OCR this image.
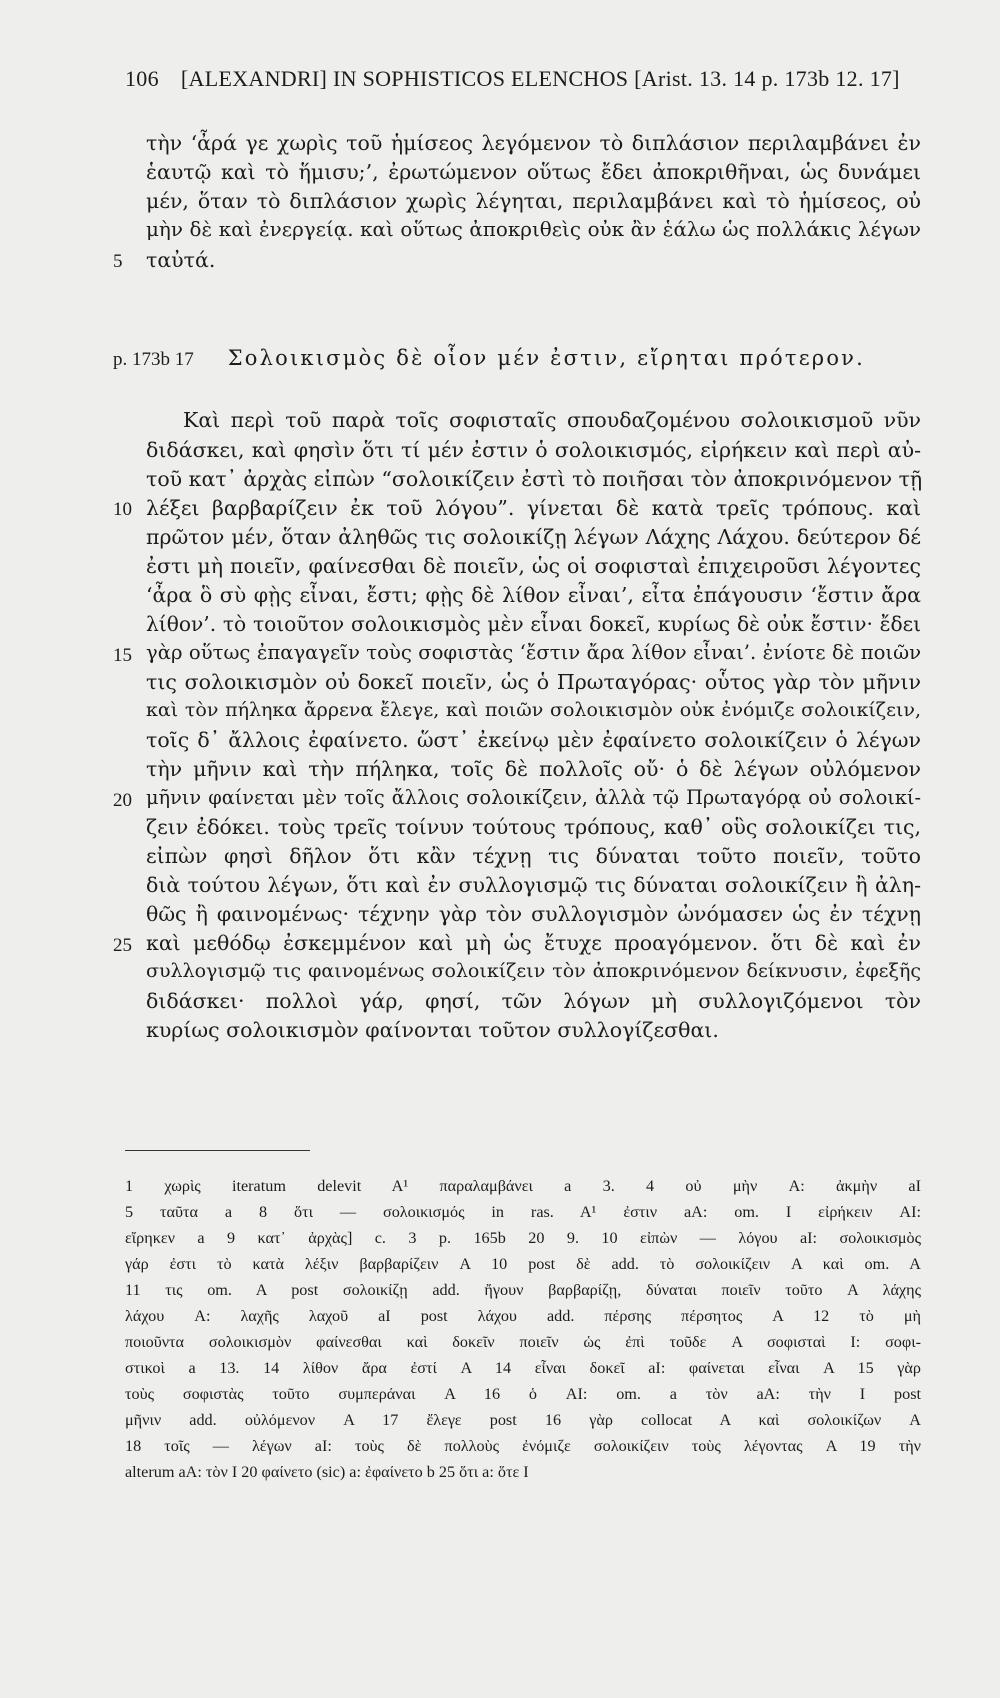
106 [ALEXANDRI] IN SOPHISTICOS ELENCHOS [Arist. 13. 14 p. 173b 12. 17]
τὴν ‘ἆρά γε χωρὶς τοῦ ἡμίσεος λεγόμενον τὸ διπλάσιον περιλαμβάνει ἐν
ἑαυτῷ καὶ τὸ ἥμισυ;’, ἐρωτώμενον οὕτως ἔδει ἀποκριθῆναι, ὡς δυνάμει
μέν, ὅταν τὸ διπλάσιον χωρὶς λέγηται, περιλαμβάνει καὶ τὸ ἡμίσεος, οὐ
μὴν δὲ καὶ ἐνεργείᾳ. καὶ οὕτως ἀποκριθεὶς οὐκ ἂν ἑάλω ὡς πολλάκις λέγων
ταὐτά.
5
p. 173b 17 Σολοικισμὸς δὲ οἷον μέν ἐστιν, εἴρηται πρότερον.
Καὶ περὶ τοῦ παρὰ τοῖς σοφισταῖς σπουδαζομένου σολοικισμοῦ νῦν
διδάσκει, καὶ φησὶν ὅτι τί μέν ἐστιν ὁ σολοικισμός, εἰρήκειν καὶ περὶ αὐ-
τοῦ κατ᾽ ἀρχὰς εἰπὼν “σολοικίζειν ἐστὶ τὸ ποιῆσαι τὸν ἀποκρινόμενον τῇ
λέξει βαρβαρίζειν ἐκ τοῦ λόγου”. γίνεται δὲ κατὰ τρεῖς τρόπους. καὶ
10
πρῶτον μέν, ὅταν ἀληθῶς τις σολοικίζῃ λέγων Λάχης Λάχου. δεύτερον δέ
ἐστι μὴ ποιεῖν, φαίνεσθαι δὲ ποιεῖν, ὡς οἱ σοφισταὶ ἐπιχειροῦσι λέγοντες
‘ἆρα ὃ σὺ φῂς εἶναι, ἔστι; φῂς δὲ λίθον εἶναι’, εἶτα ἐπάγουσιν ‘ἔστιν ἄρα
λίθον’. τὸ τοιοῦτον σολοικισμὸς μὲν εἶναι δοκεῖ, κυρίως δὲ οὐκ ἔστιν· ἔδει
γὰρ οὕτως ἐπαγαγεῖν τοὺς σοφιστὰς ‘ἔστιν ἄρα λίθον εἶναι’. ἐνίοτε δὲ ποιῶν
15
τις σολοικισμὸν οὐ δοκεῖ ποιεῖν, ὡς ὁ Πρωταγόρας· οὗτος γὰρ τὸν μῆνιν
καὶ τὸν πήληκα ἄρρενα ἔλεγε, καὶ ποιῶν σολοικισμὸν οὐκ ἐνόμιζε σολοικίζειν,
τοῖς δ᾽ ἄλλοις ἐφαίνετο. ὥστ᾽ ἐκείνῳ μὲν ἐφαίνετο σολοικίζειν ὁ λέγων
τὴν μῆνιν καὶ τὴν πήληκα, τοῖς δὲ πολλοῖς οὔ· ὁ δὲ λέγων οὐλόμενον
μῆνιν φαίνεται μὲν τοῖς ἄλλοις σολοικίζειν, ἀλλὰ τῷ Πρωταγόρᾳ οὐ σολοικί-
20
ζειν ἐδόκει. τοὺς τρεῖς τοίνυν τούτους τρόπους, καθ᾽ οὓς σολοικίζει τις,
εἰπὼν φησὶ δῆλον ὅτι κἂν τέχνῃ τις δύναται τοῦτο ποιεῖν, τοῦτο
διὰ τούτου λέγων, ὅτι καὶ ἐν συλλογισμῷ τις δύναται σολοικίζειν ἢ ἀλη-
θῶς ἢ φαινομένως· τέχνην γὰρ τὸν συλλογισμὸν ὠνόμασεν ὡς ἐν τέχνῃ
καὶ μεθόδῳ ἐσκεμμένον καὶ μὴ ὡς ἔτυχε προαγόμενον. ὅτι δὲ καὶ ἐν
25
συλλογισμῷ τις φαινομένως σολοικίζειν τὸν ἀποκρινόμενον δείκνυσιν, ἐφεξῆς
διδάσκει· πολλοὶ γάρ, φησί, τῶν λόγων μὴ συλλογιζόμενοι τὸν
κυρίως σολοικισμὸν φαίνονται τοῦτον συλλογίζεσθαι.
1 χωρὶς iteratum delevit A¹ παραλαμβάνει a 3. 4 οὐ μὴν A: ἀκμὴν aI
5 ταῦτα a 8 ὅτι — σολοικισμός in ras. A¹ ἐστιν aA: om. I εἰρήκειν AI:
εἴρηκεν a 9 κατ᾽ ἀρχὰς] c. 3 p. 165b 20 9. 10 εἰπὼν — λόγου aI: σολοικισμὸς
γάρ ἐστι τὸ κατὰ λέξιν βαρβαρίζειν A 10 post δὲ add. τὸ σολοικίζειν A καὶ om. A
11 τις om. A post σολοικίζῃ add. ἤγουν βαρβαρίζῃ, δύναται ποιεῖν τοῦτο A λάχης
λάχου A: λαχῆς λαχοῦ aI post λάχου add. πέρσης πέρσητος A 12 τὸ μὴ
ποιοῦντα σολοικισμὸν φαίνεσθαι καὶ δοκεῖν ποιεῖν ὡς ἐπὶ τοῦδε A σοφισταὶ I: σοφι-
στικοὶ a 13. 14 λίθον ἄρα ἐστί A 14 εἶναι δοκεῖ aI: φαίνεται εἶναι A 15 γὰρ
τοὺς σοφιστὰς τοῦτο συμπεράναι A 16 ὁ AI: om. a τὸν aA: τὴν I post
μῆνιν add. οὐλόμενον A 17 ἔλεγε post 16 γὰρ collocat A καὶ σολοικίζων A
18 τοῖς — λέγων aI: τοὺς δὲ πολλοὺς ἐνόμιζε σολοικίζειν τοὺς λέγοντας A 19 τὴν
alterum aA: τὸν I 20 φαίνετο (sic) a: ἐφαίνετο b 25 ὅτι a: ὅτε I
